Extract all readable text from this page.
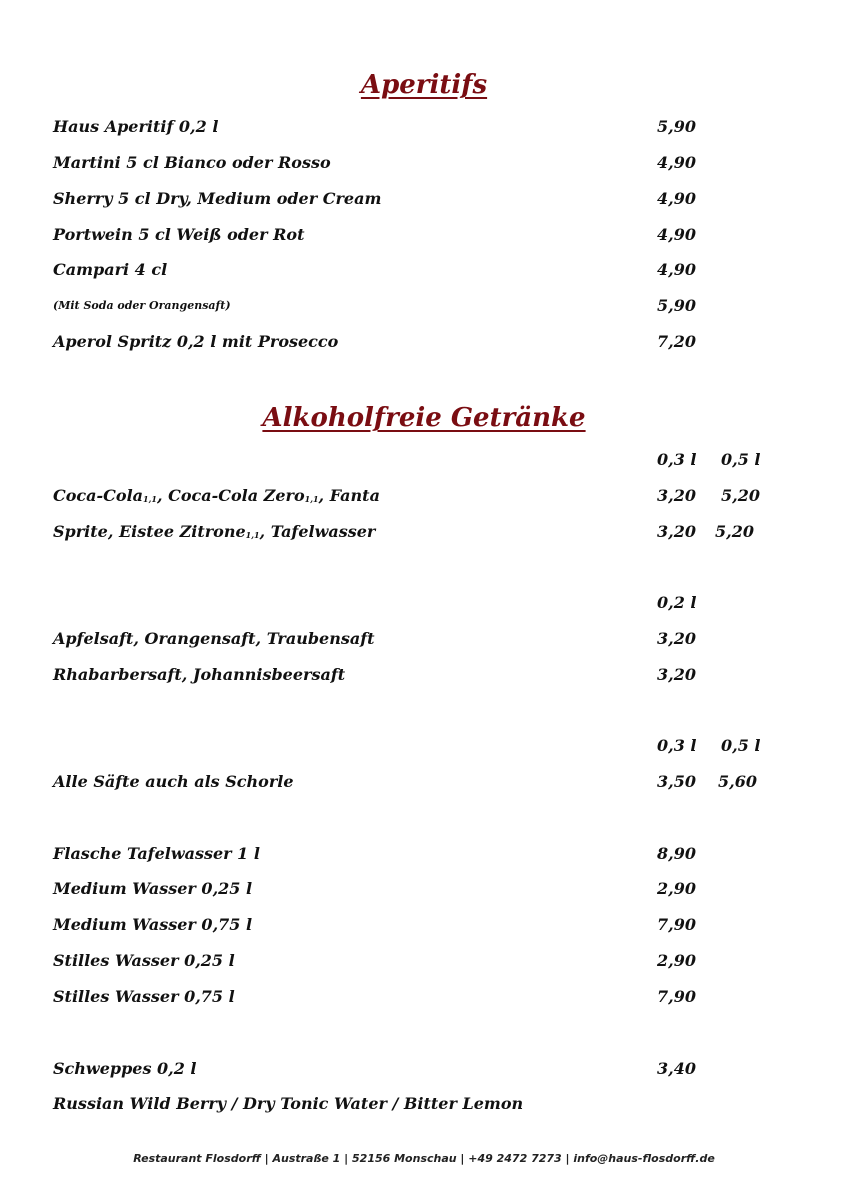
Aperitifs
Haus Aperitif 0,2 l	5,90
Martini 5 cl Bianco oder Rosso	4,90
Sherry 5 cl Dry, Medium oder Cream	4,90
Portwein 5 cl Weiß oder Rot	4,90
Campari 4 cl	4,90
(Mit Soda oder Orangensaft)	5,90
Aperol Spritz 0,2 l mit Prosecco	7,20
Alkoholfreie Getränke
0,3 l 0,5 l
Coca-Cola$_{1,1}$, Coca-Cola Zero$_{1,1}$, Fanta	3,20 5,20
Sprite, Eistee Zitrone$_{1,1}$, Tafelwasser	3,20 5,20
0,2 l
Apfelsaft, Orangensaft, Traubensaft	3,20
Rhabarbersaft, Johannisbeersaft	3,20
0,3 l 0,5 l
Alle Säfte auch als Schorle	3,50 5,60
Flasche Tafelwasser 1 l	8,90
Medium Wasser 0,25 l	2,90
Medium Wasser 0,75 l	7,90
Stilles Wasser 0,25 l	2,90
Stilles Wasser 0,75 l	7,90
Schweppes 0,2 l	3,40
Russian Wild Berry / Dry Tonic Water / Bitter Lemon
Restaurant Flosdorff | Austraße 1 | 52156 Monschau | +49 2472 7273 | info@haus-flosdorff.de
